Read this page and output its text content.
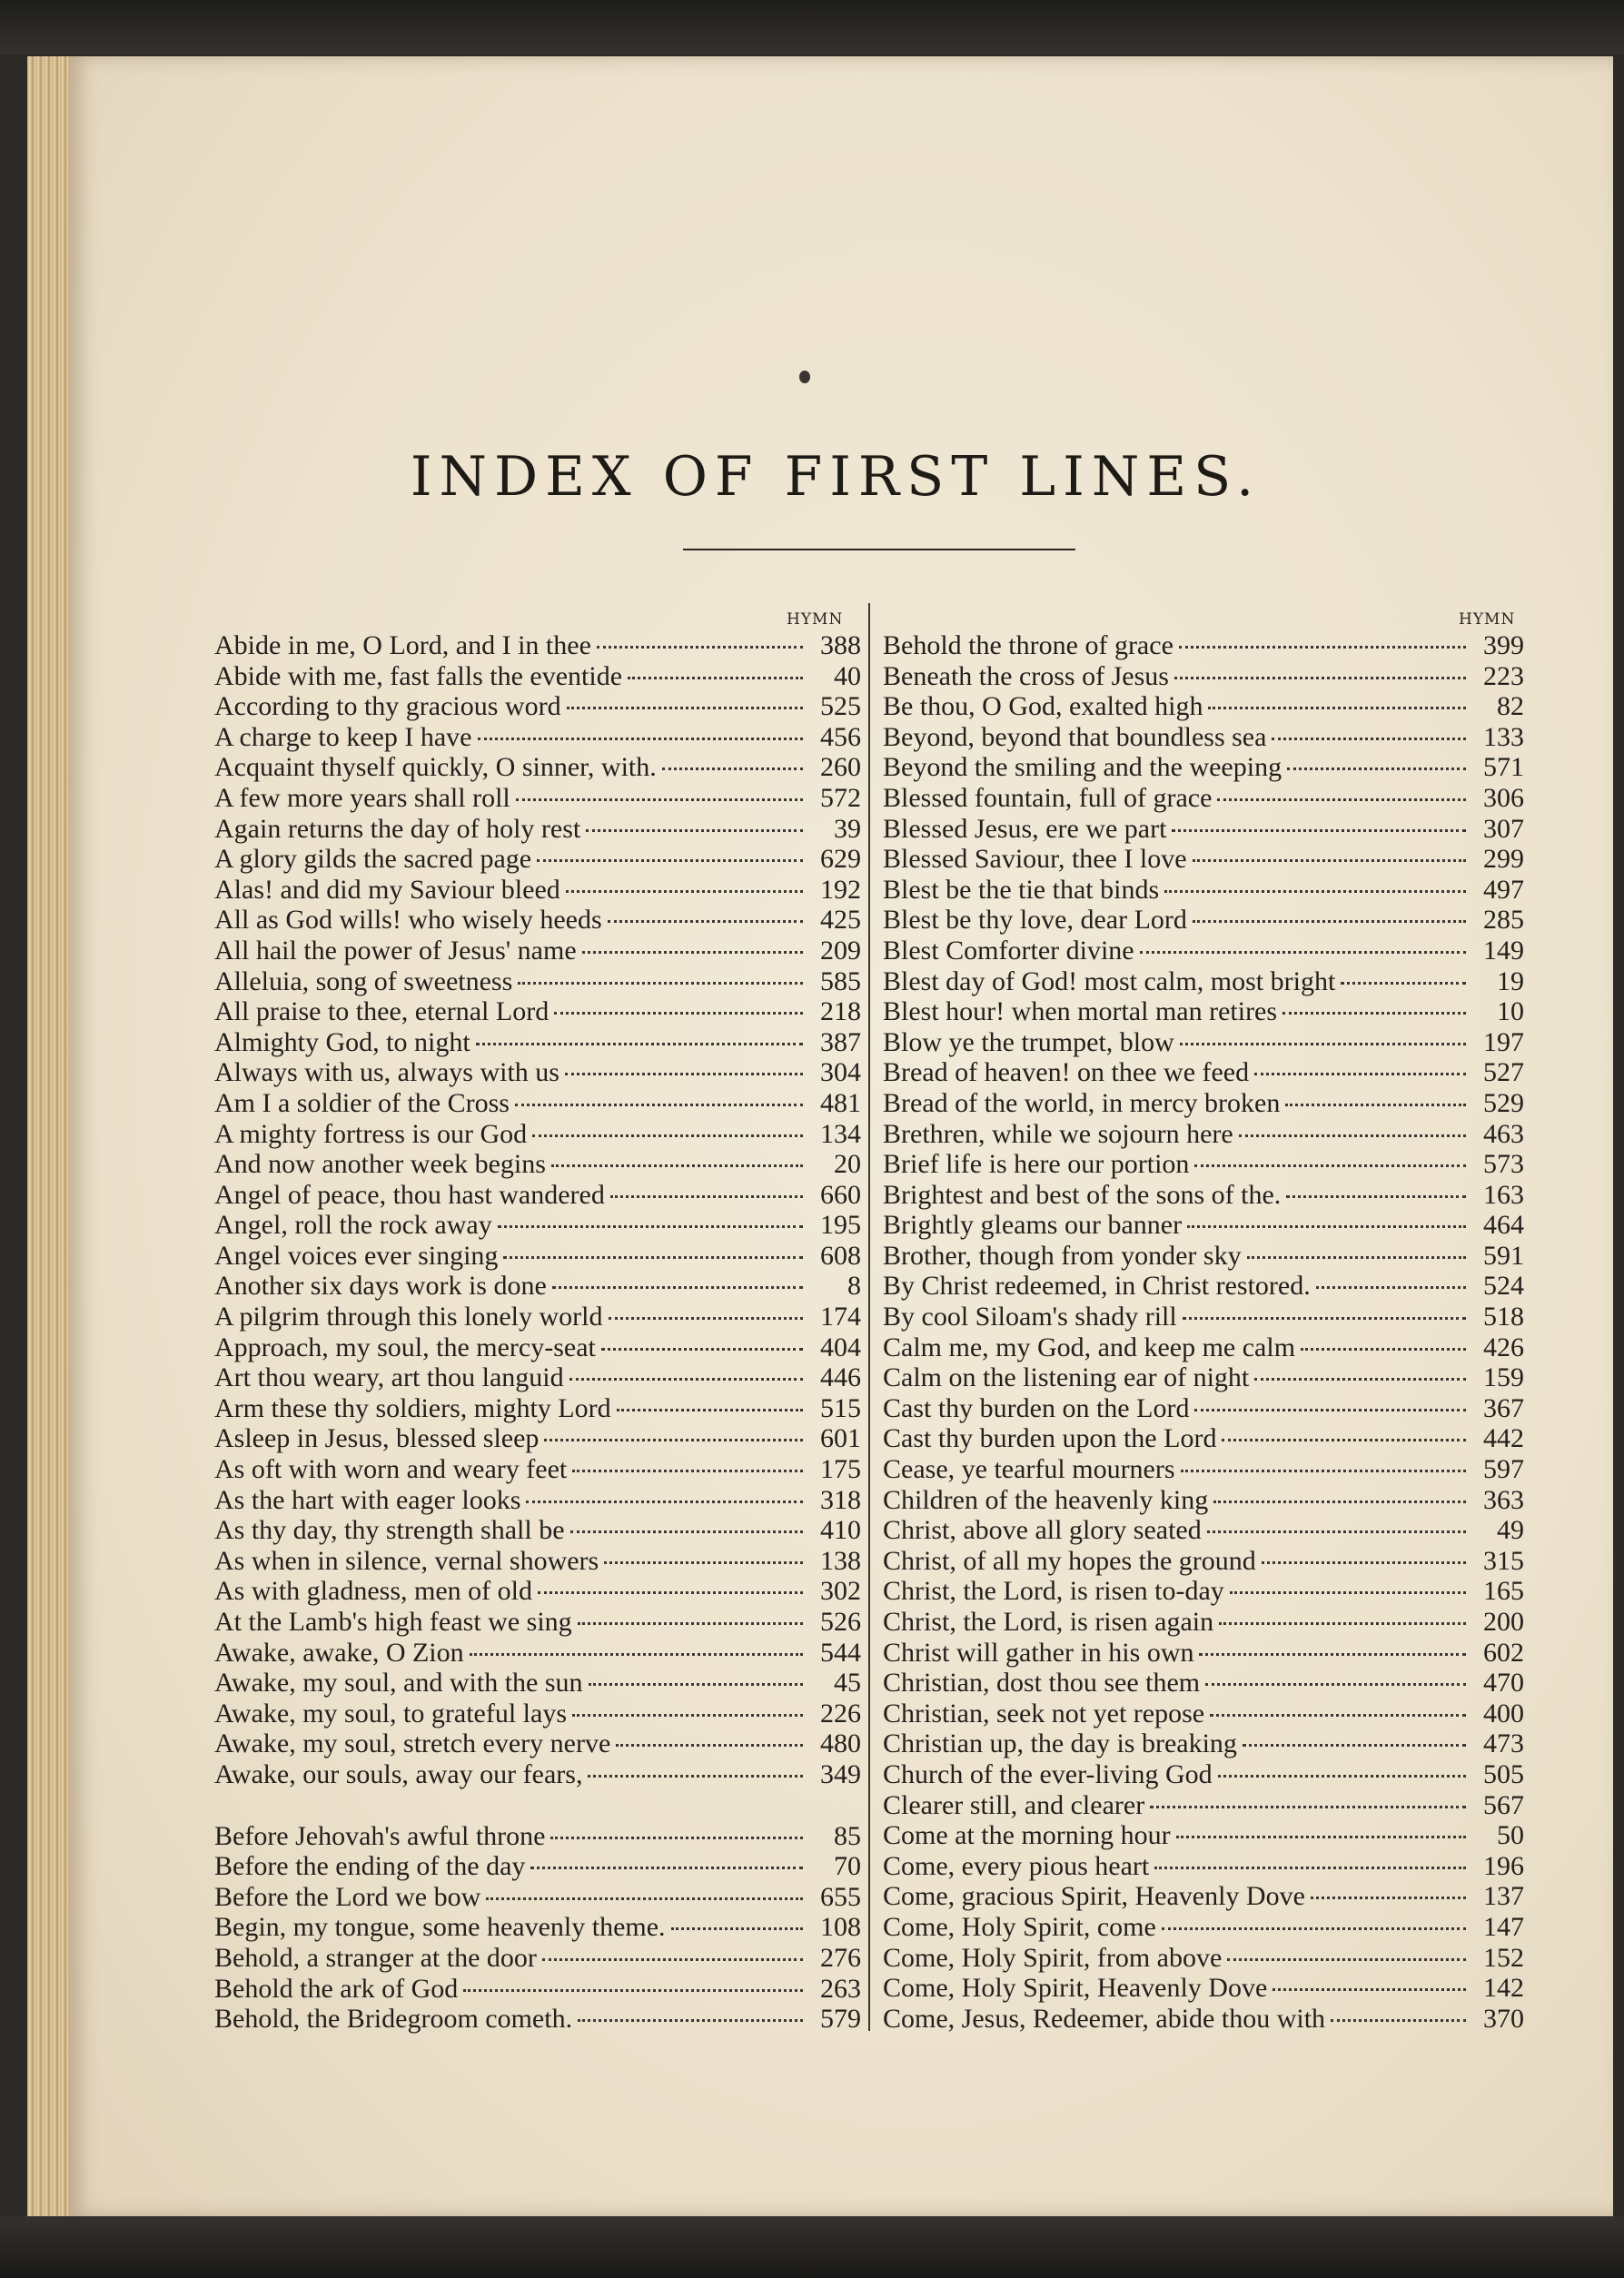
INDEX OF FIRST LINES.
HYMN	HYMN
Abide in me, O Lord, and I in thee	388
Abide with me, fast falls the eventide	40
According to thy gracious word	525
A charge to keep I have	456
Acquaint thyself quickly, O sinner, with.	260
A few more years shall roll	572
Again returns the day of holy rest	39
A glory gilds the sacred page	629
Alas! and did my Saviour bleed	192
All as God wills! who wisely heeds	425
All hail the power of Jesus' name	209
Alleluia, song of sweetness	585
All praise to thee, eternal Lord	218
Almighty God, to night	387
Always with us, always with us	304
Am I a soldier of the Cross	481
A mighty fortress is our God	134
And now another week begins	20
Angel of peace, thou hast wandered	660
Angel, roll the rock away	195
Angel voices ever singing	608
Another six days work is done	8
A pilgrim through this lonely world	174
Approach, my soul, the mercy-seat	404
Art thou weary, art thou languid	446
Arm these thy soldiers, mighty Lord	515
Asleep in Jesus, blessed sleep	601
As oft with worn and weary feet	175
As the hart with eager looks	318
As thy day, thy strength shall be	410
As when in silence, vernal showers	138
As with gladness, men of old	302
At the Lamb's high feast we sing	526
Awake, awake, O Zion	544
Awake, my soul, and with the sun	45
Awake, my soul, to grateful lays	226
Awake, my soul, stretch every nerve	480
Awake, our souls, away our fears,	349
Before Jehovah's awful throne	85
Before the ending of the day	70
Before the Lord we bow	655
Begin, my tongue, some heavenly theme.	108
Behold, a stranger at the door	276
Behold the ark of God	263
Behold, the Bridegroom cometh.	579
Behold the throne of grace	399
Beneath the cross of Jesus	223
Be thou, O God, exalted high	82
Beyond, beyond that boundless sea	133
Beyond the smiling and the weeping	571
Blessed fountain, full of grace	306
Blessed Jesus, ere we part	307
Blessed Saviour, thee I love	299
Blest be the tie that binds	497
Blest be thy love, dear Lord	285
Blest Comforter divine	149
Blest day of God! most calm, most bright	19
Blest hour! when mortal man retires	10
Blow ye the trumpet, blow	197
Bread of heaven! on thee we feed	527
Bread of the world, in mercy broken	529
Brethren, while we sojourn here	463
Brief life is here our portion	573
Brightest and best of the sons of the.	163
Brightly gleams our banner	464
Brother, though from yonder sky	591
By Christ redeemed, in Christ restored.	524
By cool Siloam's shady rill	518
Calm me, my God, and keep me calm	426
Calm on the listening ear of night	159
Cast thy burden on the Lord	367
Cast thy burden upon the Lord	442
Cease, ye tearful mourners	597
Children of the heavenly king	363
Christ, above all glory seated	49
Christ, of all my hopes the ground	315
Christ, the Lord, is risen to-day	165
Christ, the Lord, is risen again	200
Christ will gather in his own	602
Christian, dost thou see them	470
Christian, seek not yet repose	400
Christian up, the day is breaking	473
Church of the ever-living God	505
Clearer still, and clearer	567
Come at the morning hour	50
Come, every pious heart	196
Come, gracious Spirit, Heavenly Dove	137
Come, Holy Spirit, come	147
Come, Holy Spirit, from above	152
Come, Holy Spirit, Heavenly Dove	142
Come, Jesus, Redeemer, abide thou with	370
